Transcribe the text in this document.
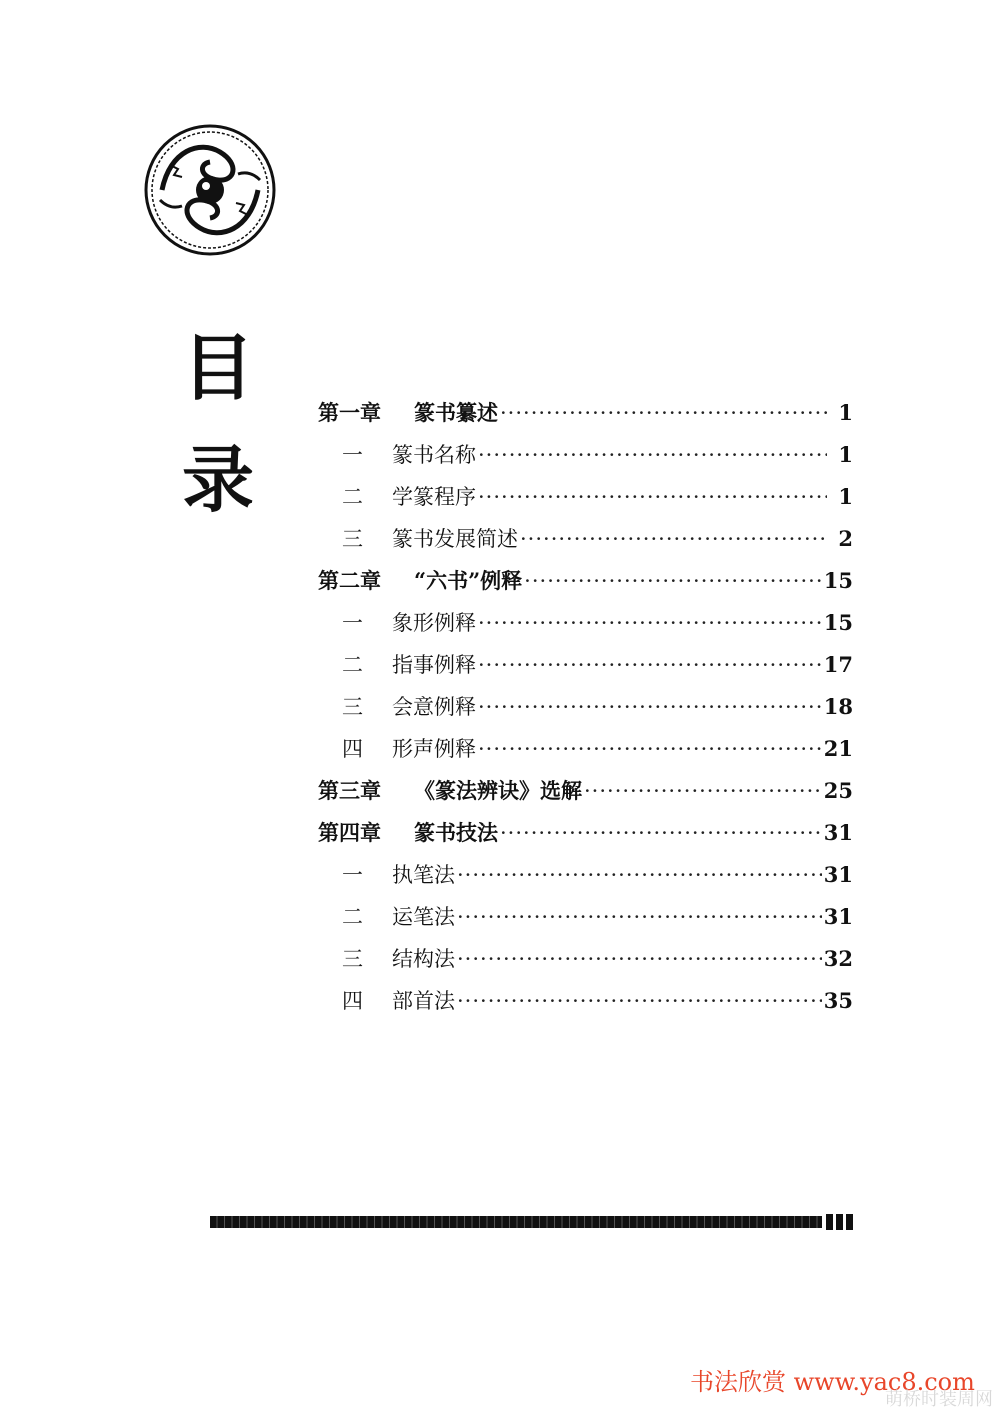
目
录
第一章	篆书纂述 ·····	1
一	篆书名称 ·····	1
二	学篆程序 ·····	1
三	篆书发展简述 ·····	2
第二章	“六书”例释 ·····	15
一	象形例释 ·····	15
二	指事例释 ·····	17
三	会意例释 ·····	18
四	形声例释 ·····	21
第三章	《篆法辨诀》选解 ·····	25
第四章	篆书技法 ·····	31
一	执笔法 ·····	31
二	运笔法 ·····	31
三	结构法 ·····	32
四	部首法 ·····	35
书法欣赏 www.yac8.com
萌桥时装周网
